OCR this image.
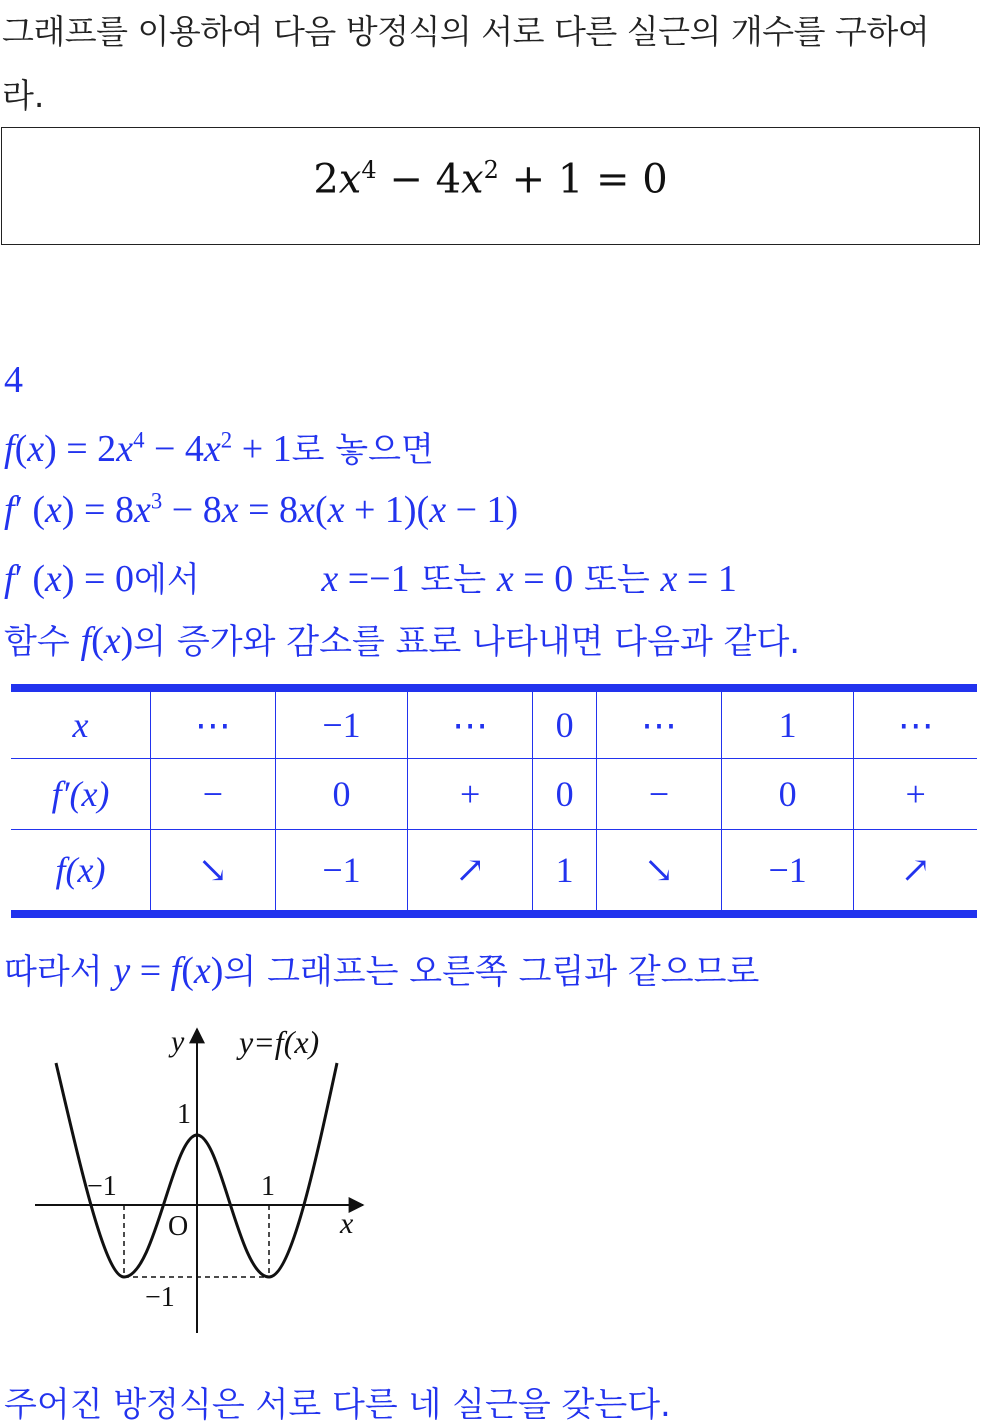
그래프를 이용하여 다음 방정식의 서로 다른 실근의 개수를 구하여
라.
$2x^4 - 4x^2 + 1 = 0$
4
$f(x) = 2x^4 - 4x^2 + 1$로 놓으면
f′ $(x) = 8x^3 - 8x = 8x(x + 1)(x - 1)$
f′ (x) = 0에서	x =−1 또는 x = 0 또는 x = 1
함수 f(x)의 증가와 감소를 표로 나타내면 다음과 같다.
x	⋯	−1	⋯	0	⋯	1	⋯
f′(x)	−	0	+	0	−	0	+
f(x)	↘	−1	↗	1	↘	−1	↗
따라서 y = f(x)의 그래프는 오른쪽 그림과 같으므로
y y=f(x)
1
−1	1
O	x
−1
주어진 방정식은 서로 다른 네 실근을 갖는다.
